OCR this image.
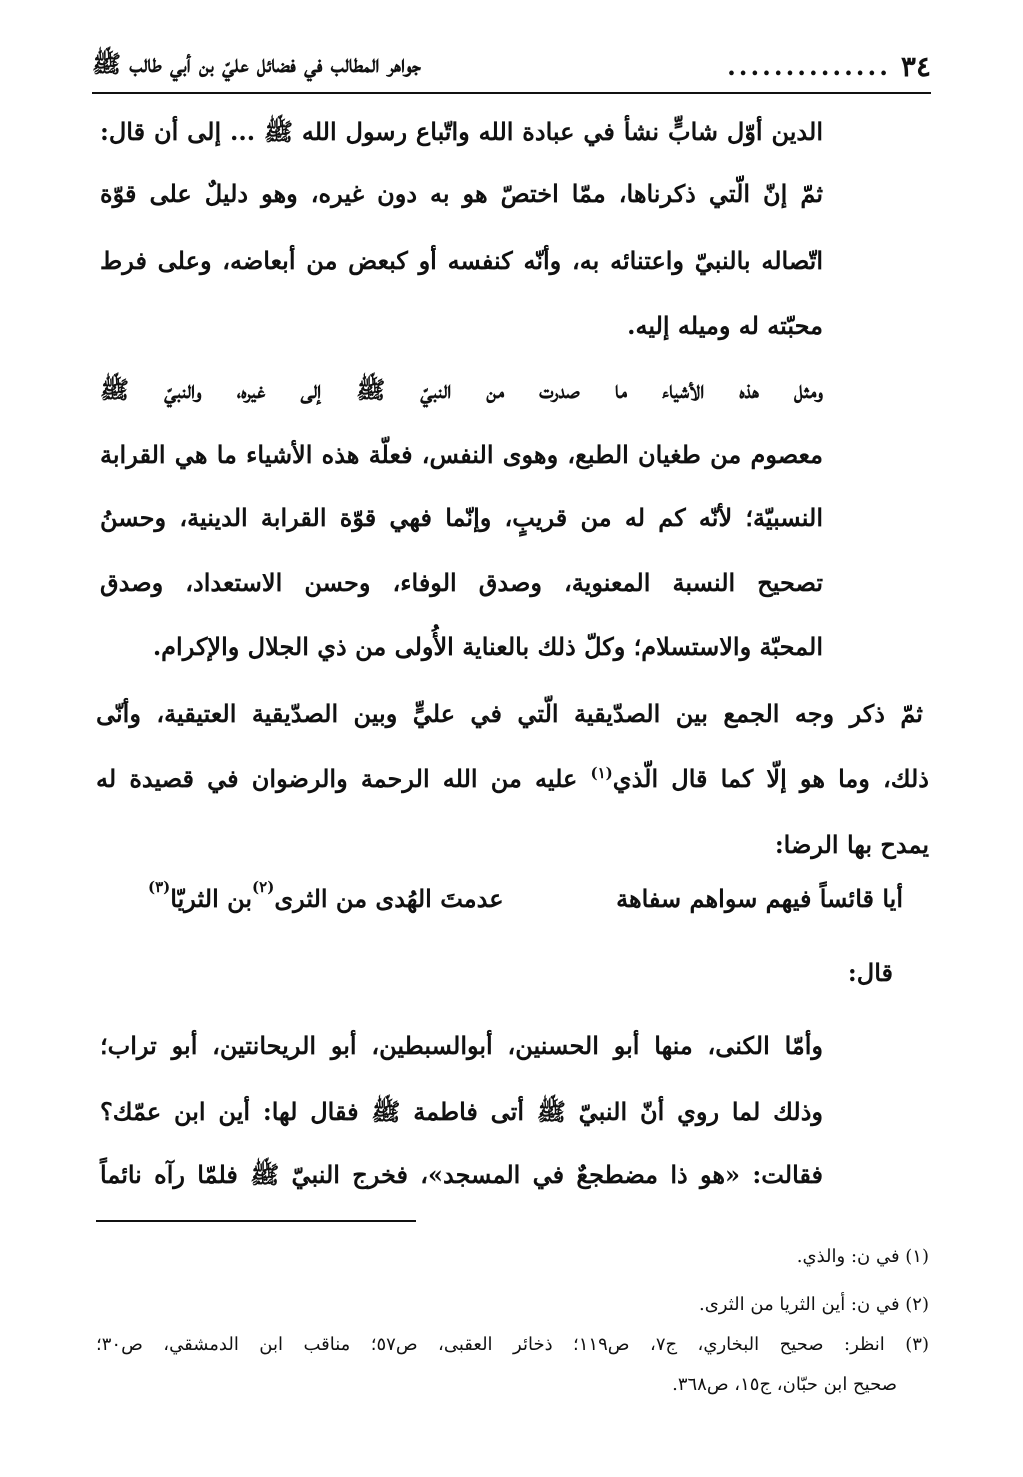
٣٤
..............
جواهر المطالب في فضائل عليّ بن أبي طالب ﷺ
الدين أوّل شابٍّ نشأ في عبادة الله واتّباع رسول الله ﷺ ... إلى أن قال:
ثمّ إنّ الّتي ذكرناها، ممّا اختصّ هو به دون غيره، وهو دليلٌ على قوّة
اتّصاله بالنبيّ واعتنائه به، وأنّه كنفسه أو كبعض من أبعاضه، وعلى فرط
محبّته له وميله إليه.
ومثل هذه الأشياء ما صدرت من النبيّ ﷺ إلى غيره، والنبيّ ﷺ
معصوم من طغيان الطبع، وهوى النفس، فعلّة هذه الأشياء ما هي القرابة
النسبيّة؛ لأنّه كم له من قريبٍ، وإنّما فهي قوّة القرابة الدينية، وحسنُ
تصحيح النسبة المعنوية، وصدق الوفاء، وحسن الاستعداد، وصدق
المحبّة والاستسلام؛ وكلّ ذلك بالعناية الأُولى من ذي الجلال والإكرام.
ثمّ ذكر وجه الجمع بين الصدّيقية الّتي في عليٍّ وبين الصدّيقية العتيقية، وأنّى
ذلك، وما هو إلّا كما قال الّذي$^{(١)}$ عليه من الله الرحمة والرضوان في قصيدة له
يمدح بها الرضا:
أيا قائساً فيهم سواهم سفاهة
عدمتَ الهُدى من الثرى$^{(٢)}$بن الثريّا$^{(٣)}$
قال:
وأمّا الكنى، منها أبو الحسنين، أبوالسبطين، أبو الريحانتين، أبو تراب؛
وذلك لما روي أنّ النبيّ ﷺ أتى فاطمة ﷺ فقال لها: أين ابن عمّك؟
فقالت: «هو ذا مضطجعٌ في المسجد»، فخرج النبيّ ﷺ فلمّا رآه نائماً
(١) في ن: والذي.
(٢) في ن: أين الثريا من الثرى.
(٣) انظر: صحيح البخاري، ج٧، ص١١٩؛ ذخائر العقبى، ص٥٧؛ مناقب ابن الدمشقي، ص٣٠؛
صحيح ابن حبّان، ج١٥، ص٣٦٨.
